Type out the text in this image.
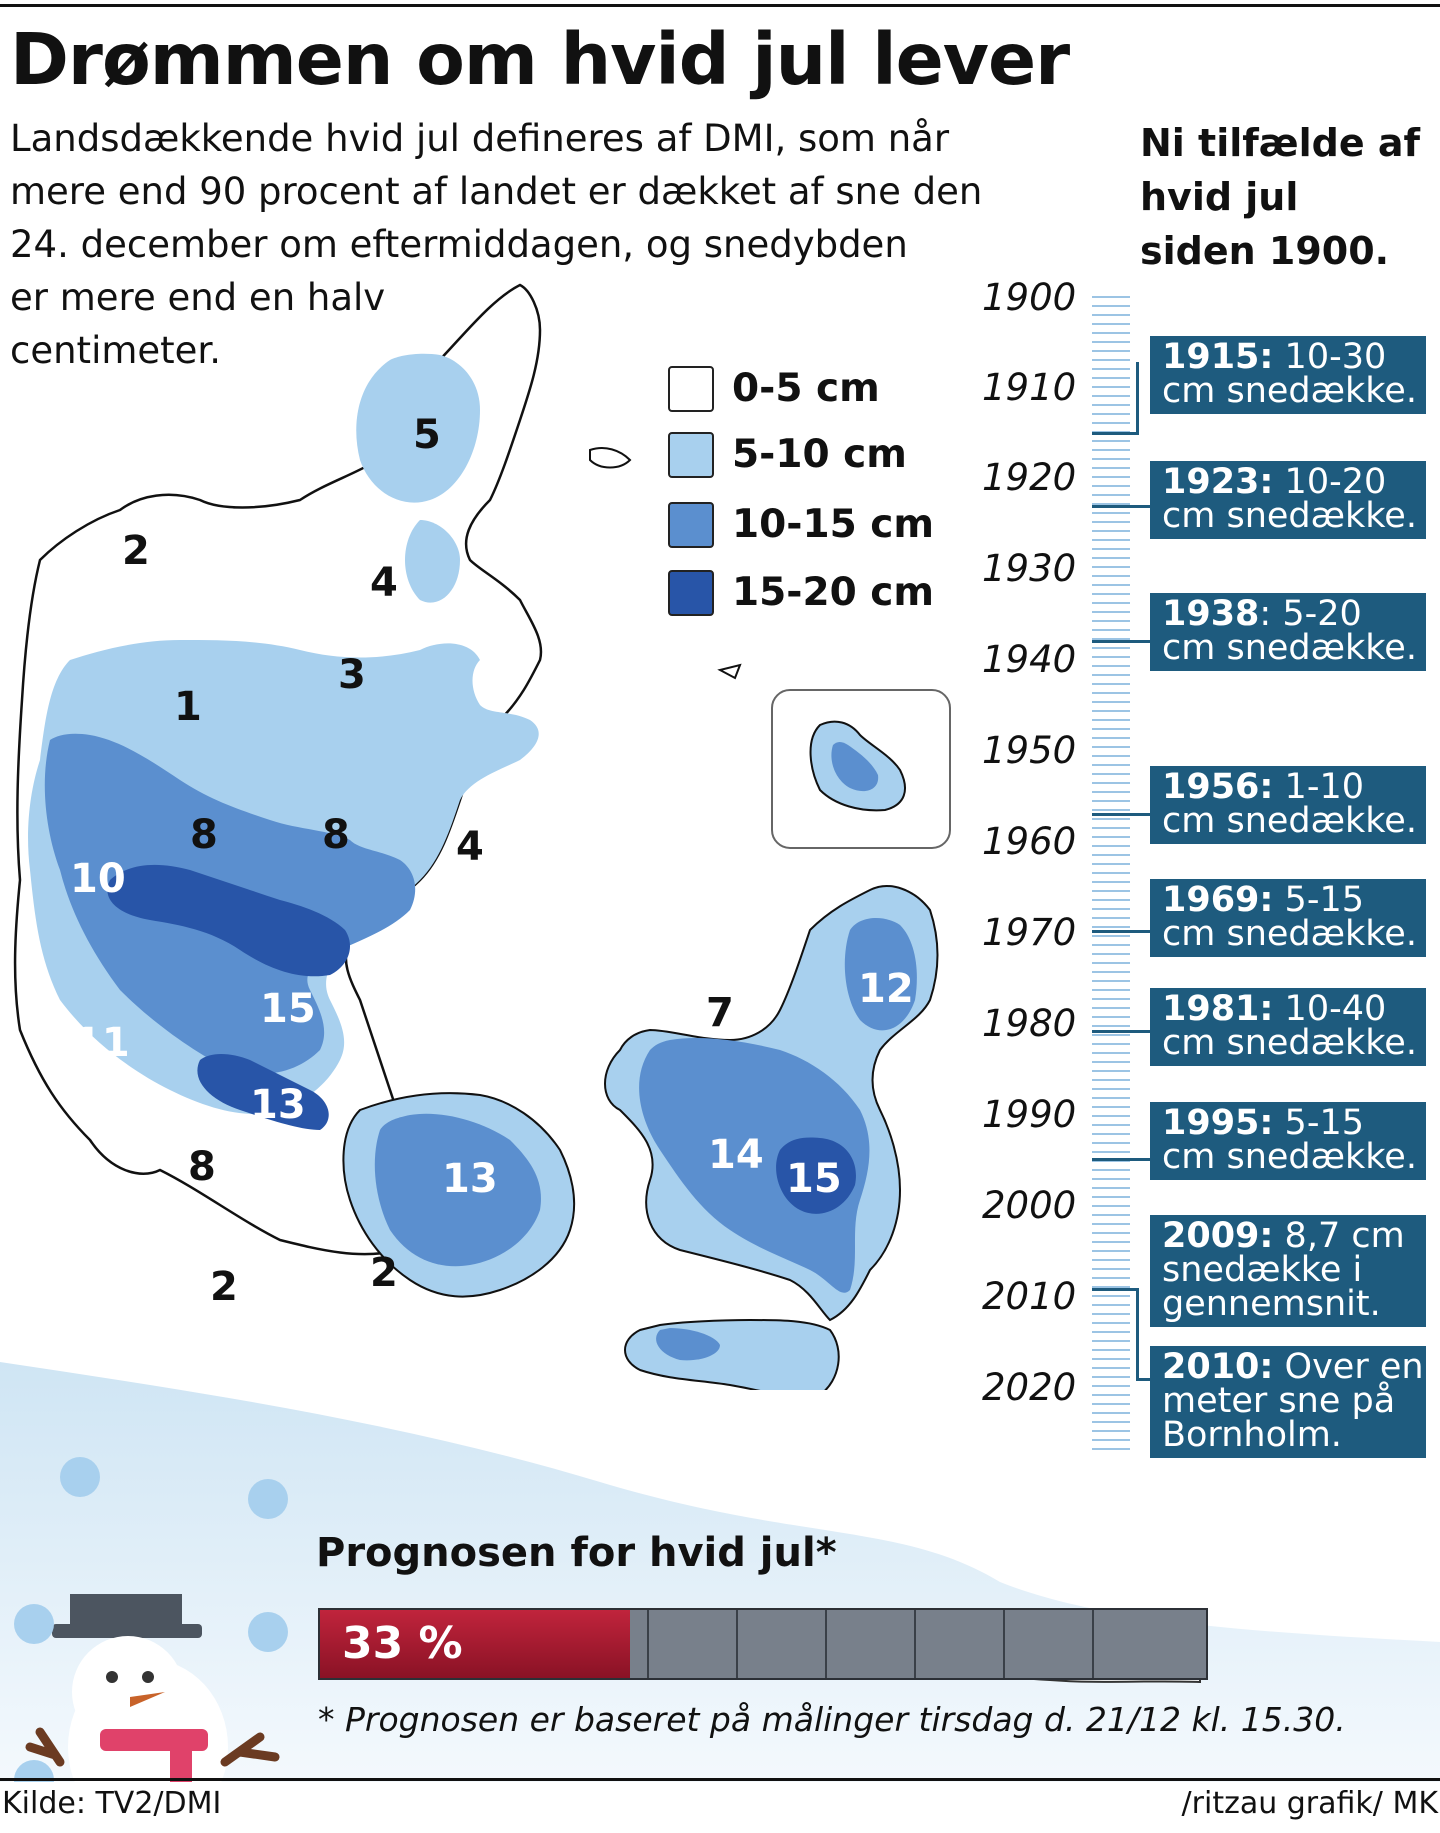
Drømmen om hvid jul lever

Landsdækkende hvid jul defineres af DMI, som når
mere end 90 procent af landet er dækket af sne den
24. december om eftermiddagen, og snedybden
er mere end en halv
centimeter.

0-5 cm
5-10 cm
10-15 cm
15-20 cm
5
2
4
3
1
8	8	4
10
15
11
13
8	13
2	2
7
12
14
15
Ni tilfælde af
hvid jul
siden 1900.
1900
1910
1920
1930
1940
1950
1960
1970
1980
1990
2000
2010
2020
1915: 10-30
cm snedække.
1923: 10-20
cm snedække.
1938: 5-20
cm snedække.
1956: 1-10
cm snedække.
1969: 5-15
cm snedække.
1981: 10-40
cm snedække.
1995: 5-15
cm snedække.
2009: 8,7 cm
snedække i
gennemsnit.
2010: Over en
meter sne på
Bornholm.
Prognosen for hvid jul*
33 %
* Prognosen er baseret på målinger tirsdag d. 21/12 kl. 15.30.
Kilde: TV2/DMI	/ritzau grafik/ MK
